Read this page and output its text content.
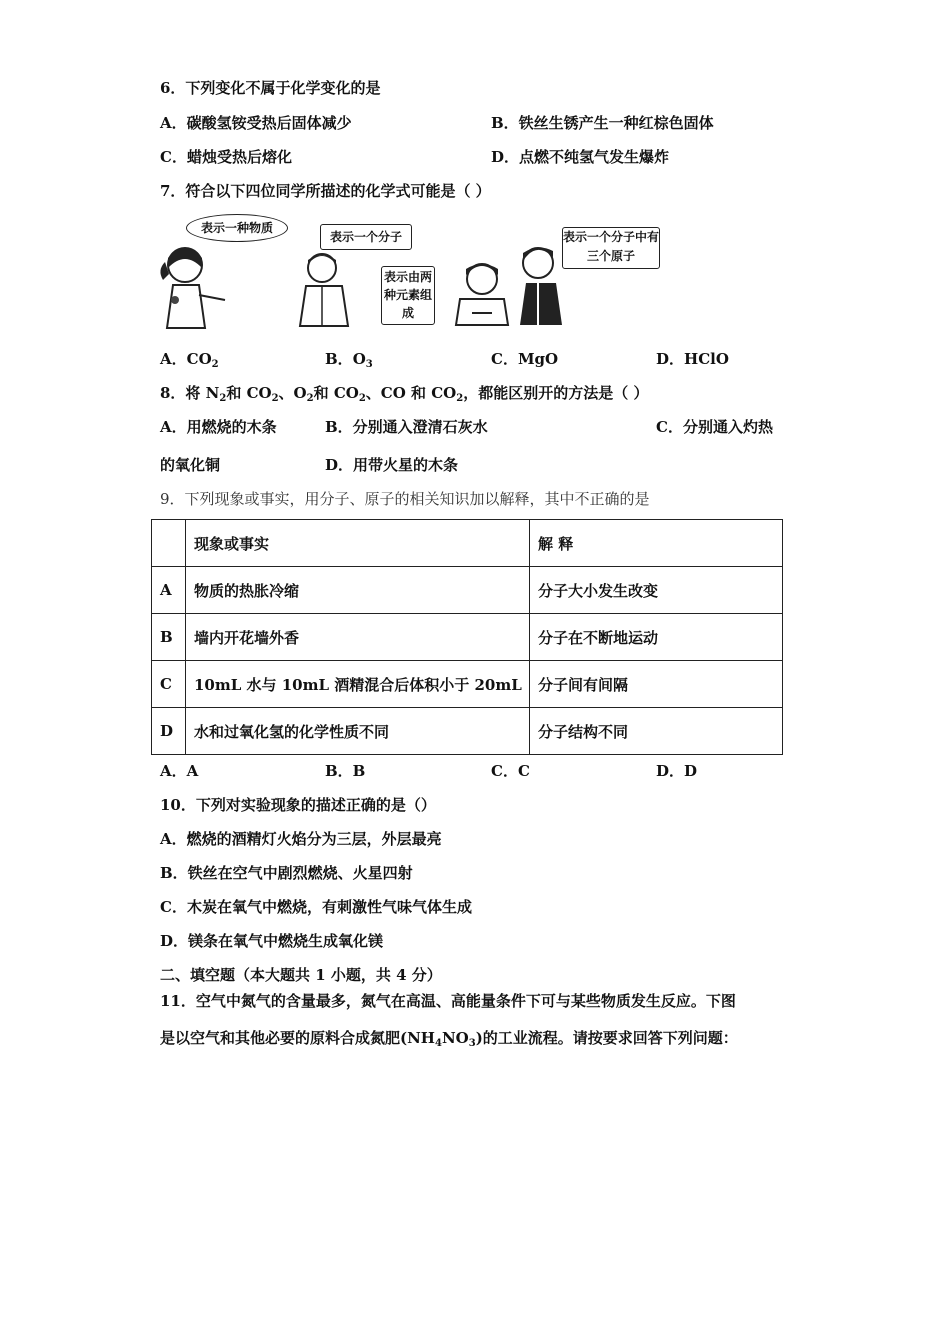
6．下列变化不属于化学变化的是
A．碳酸氢铵受热后固体减少	B．铁丝生锈产生一种红棕色固体
C．蜡烛受热后熔化	D．点燃不纯氢气发生爆炸
7．符合以下四位同学所描述的化学式可能是（ ）
表示一种物质
表示一个分子
表示由两种元素组成
表示一个分子中有三个原子
A．$CO_2$	B．$O_3$	C．MgO	D．HClO
8．将 $N_2$和 $CO_2$、$O_2$和 $CO_2$、CO 和 $CO_2$，都能区别开的方法是（ ）
A．用燃烧的木条	B．分别通入澄清石灰水	C．分别通入灼热
的氧化铜	D．用带火星的木条
9．下列现象或事实，用分子、原子的相关知识加以解释，其中不正确的是
	现象或事实	解 释
A	物质的热胀冷缩	分子大小发生改变
B	墙内开花墙外香	分子在不断地运动
C	10mL 水与 10mL 酒精混合后体积小于 20mL	分子间有间隔
D	水和过氧化氢的化学性质不同	分子结构不同
A．A	B．B	C．C	D．D
10．下列对实验现象的描述正确的是（）
A．燃烧的酒精灯火焰分为三层，外层最亮
B．铁丝在空气中剧烈燃烧、火星四射
C．木炭在氧气中燃烧，有刺激性气味气体生成
D．镁条在氧气中燃烧生成氧化镁
二、填空题（本大题共 1 小题，共 4 分）
11．空气中氮气的含量最多，氮气在高温、高能量条件下可与某些物质发生反应。下图
是以空气和其他必要的原料合成氮肥$(NH_4NO_3)$的工业流程。请按要求回答下列问题：
